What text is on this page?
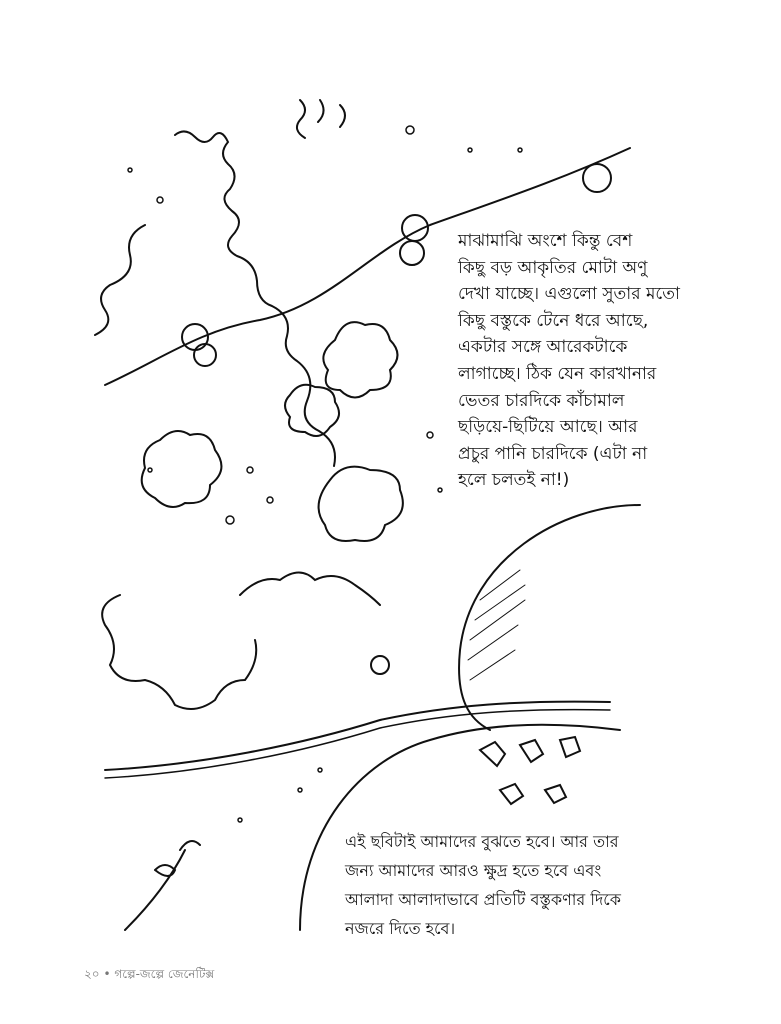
মাঝামাঝি অংশে কিন্তু বেশ
কিছু বড় আকৃতির মোটা অণু
দেখা যাচ্ছে। এগুলো সুতার মতো
কিছু বস্তুকে টেনে ধরে আছে,
একটার সঙ্গে আরেকটাকে
লাগাচ্ছে। ঠিক যেন কারখানার
ভেতর চারদিকে কাঁচামাল
ছড়িয়ে-ছিটিয়ে আছে। আর
প্রচুর পানি চারদিকে (এটা না
হলে চলতই না!)
এই ছবিটাই আমাদের বুঝতে হবে। আর তার
জন্য আমাদের আরও ক্ষুদ্র হতে হবে এবং
আলাদা আলাদাভাবে প্রতিটি বস্তুকণার দিকে
নজরে দিতে হবে।
২০ • গল্পে-জল্পে জেনেটিক্স
